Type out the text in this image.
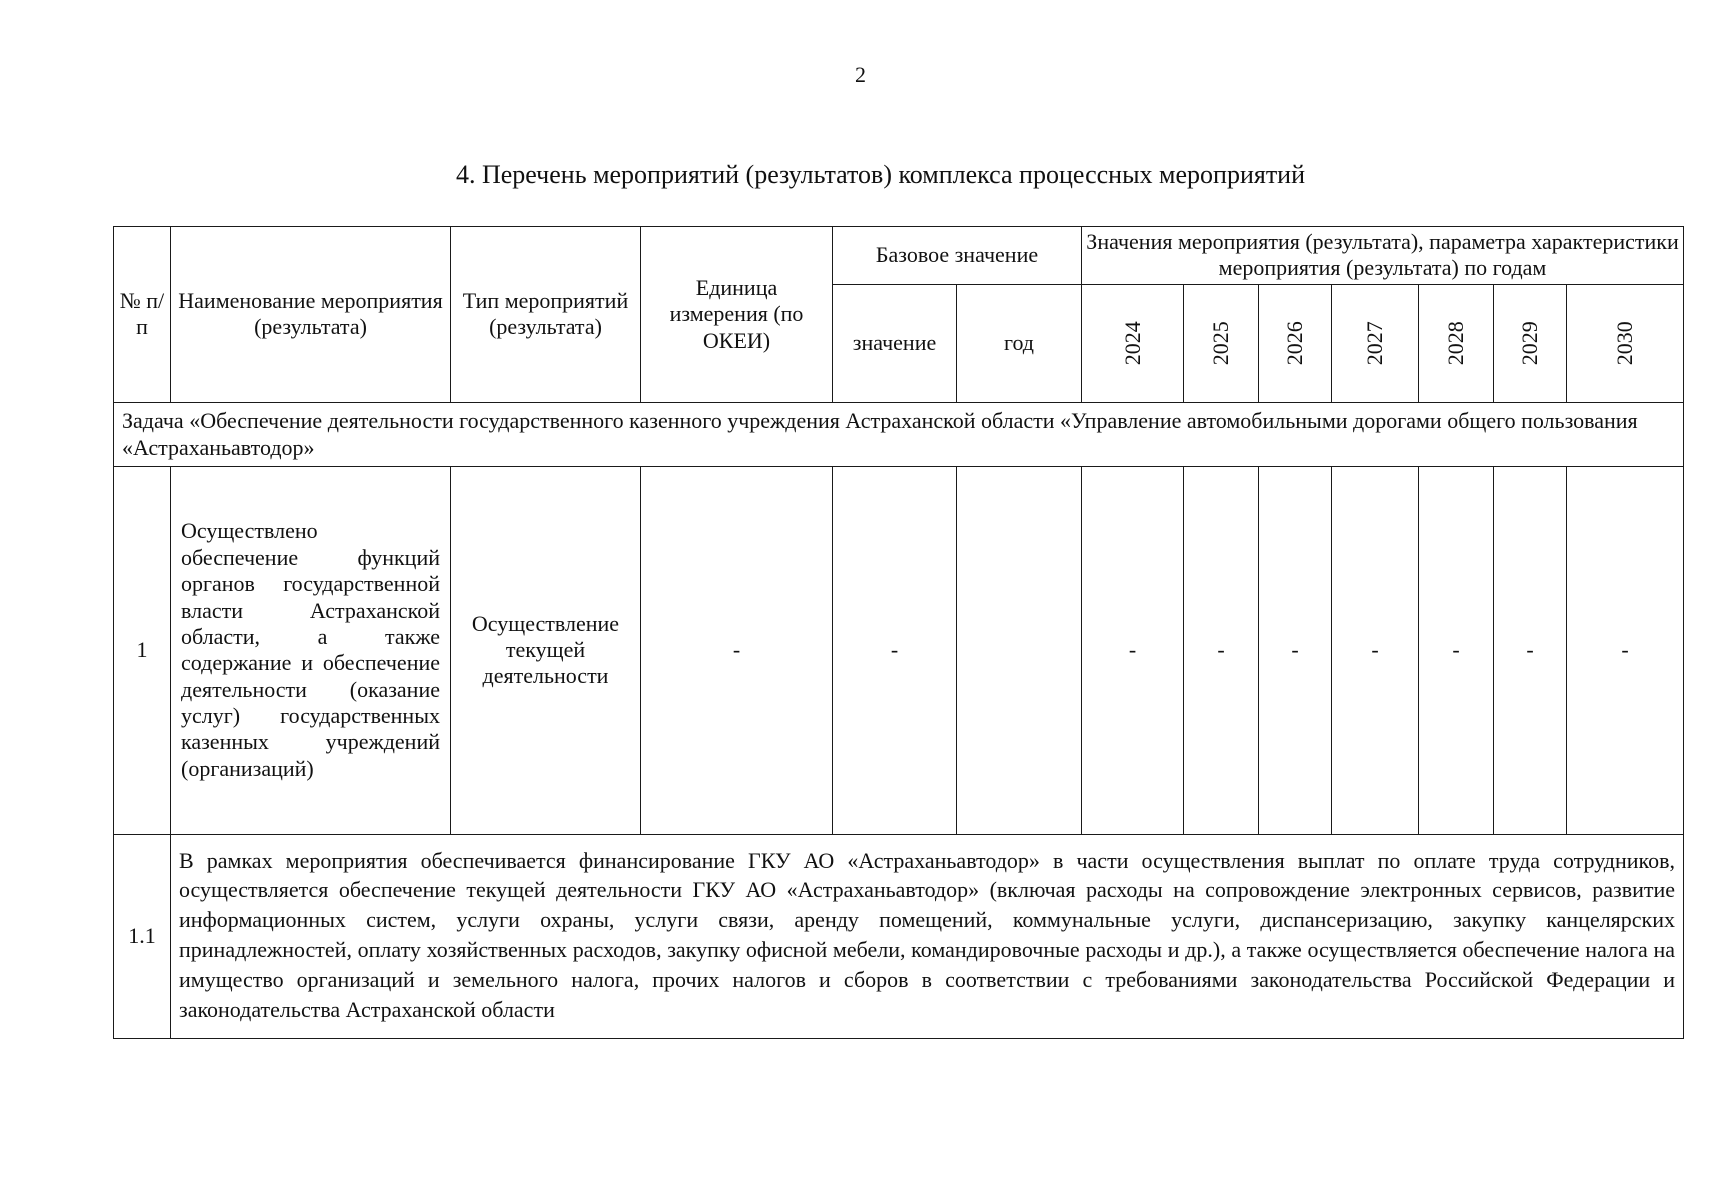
2
4. Перечень мероприятий (результатов) комплекса процессных мероприятий
№ п/п	Наименование мероприятия (результата)	Тип мероприятий (результата)	Единица измерения (по ОКЕИ)	Базовое значение		Значения мероприятия (результата), параметра характеристики мероприятия (результата) по годам						
				значение	год	2024	2025	2026	2027	2028	2029	2030
Задача «Обеспечение деятельности государственного казенного учреждения Астраханской области «Управление автомобильными дорогами общего пользования «Астраханьавтодор»												
1	Осуществлено обеспечение функций органов государственной власти Астраханской области, а также содержание и обеспечение деятельности (оказание услуг) государственных казенных учреждений (организаций)	Осуществление текущей деятельности	-	-		-	-	-	-	-	-	-
1.1	В рамках мероприятия обеспечивается финансирование ГКУ АО «Астраханьавтодор» в части осуществления выплат по оплате труда сотрудников, осуществляется обеспечение текущей деятельности ГКУ АО «Астраханьавтодор» (включая расходы на сопровождение электронных сервисов, развитие информационных систем, услуги охраны, услуги связи, аренду помещений, коммунальные услуги, диспансеризацию, закупку канцелярских принадлежностей, оплату хозяйственных расходов, закупку офисной мебели, командировочные расходы и др.), а также осуществляется обеспечение налога на имущество организаций и земельного налога, прочих налогов и сборов в соответствии с требованиями законодательства Российской Федерации и законодательства Астраханской области											
